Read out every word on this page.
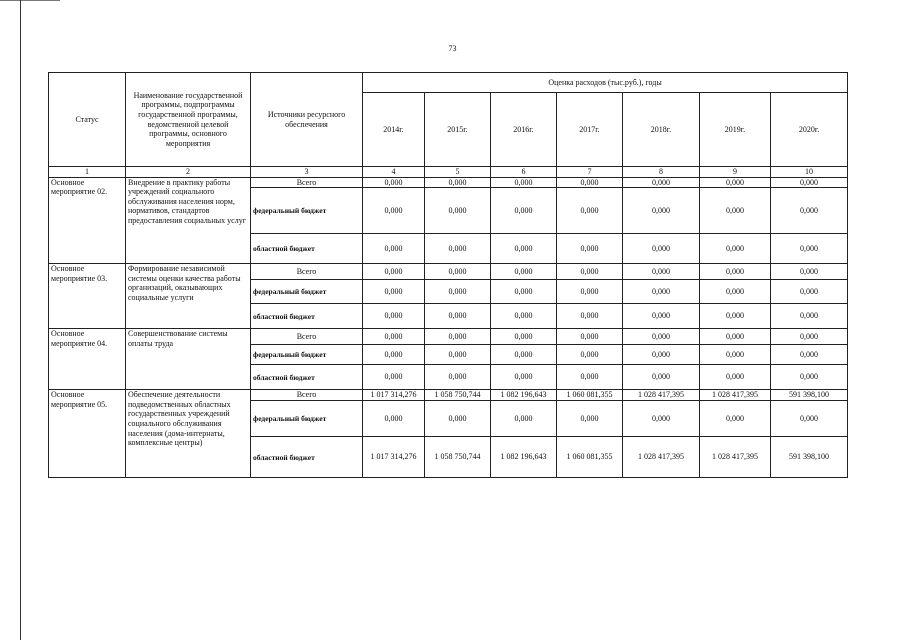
73
Статус	Наименование государственной программы, подпрограммы государственной программы, ведомственной целевой программы, основного мероприятия	Источники ресурсного обеспечения	Оценка расходов (тыс.руб.), годы						
			2014г.	2015г.	2016г.	2017г.	2018г.	2019г.	2020г.
1	2	3	4	5	6	7	8	9	10
Основное мероприятие 02.	Внедрение в практику работы учреждений социального обслуживания населения норм, нормативов, стандартов предоставления социальных услуг	Всего	0,000	0,000	0,000	0,000	0,000	0,000	0,000
		федеральный бюджет	0,000	0,000	0,000	0,000	0,000	0,000	0,000
		областной бюджет	0,000	0,000	0,000	0,000	0,000	0,000	0,000
Основное мероприятие 03.	Формирование независимой системы оценки качества работы организаций, оказывающих социальные услуги	Всего	0,000	0,000	0,000	0,000	0,000	0,000	0,000
		федеральный бюджет	0,000	0,000	0,000	0,000	0,000	0,000	0,000
		областной бюджет	0,000	0,000	0,000	0,000	0,000	0,000	0,000
Основное мероприятие 04.	Совершенствование системы оплаты труда	Всего	0,000	0,000	0,000	0,000	0,000	0,000	0,000
		федеральный бюджет	0,000	0,000	0,000	0,000	0,000	0,000	0,000
		областной бюджет	0,000	0,000	0,000	0,000	0,000	0,000	0,000
Основное мероприятие 05.	Обеспечение деятельности подведомственных областных государственных учреждений социального обслуживания населения (дома-интернаты, комплексные центры)	Всего	1 017 314,276	1 058 750,744	1 082 196,643	1 060 081,355	1 028 417,395	1 028 417,395	591 398,100
		федеральный бюджет	0,000	0,000	0,000	0,000	0,000	0,000	0,000
		областной бюджет	1 017 314,276	1 058 750,744	1 082 196,643	1 060 081,355	1 028 417,395	1 028 417,395	591 398,100
